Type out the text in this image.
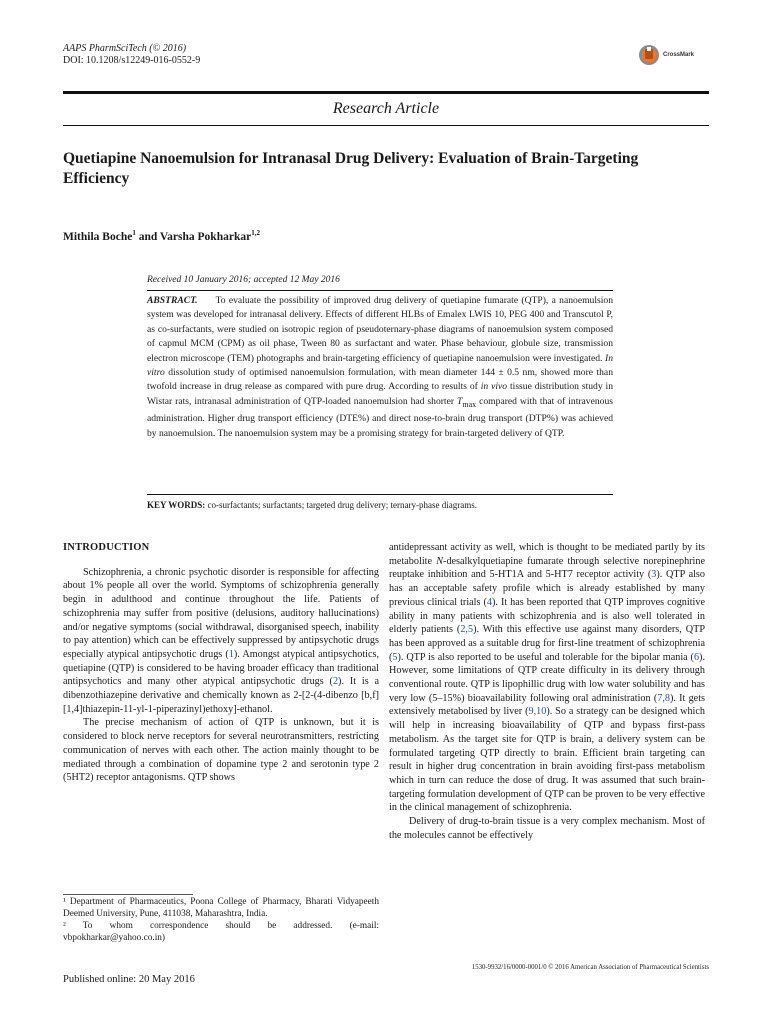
AAPS PharmSciTech (© 2016)
DOI: 10.1208/s12249-016-0552-9	CrossMark
Research Article
Quetiapine Nanoemulsion for Intranasal Drug Delivery: Evaluation of Brain-Targeting Efficiency
Mithila Boche$^1$ and Varsha Pokharkar$^{1,2}$
Received 10 January 2016; accepted 12 May 2016
ABSTRACT. To evaluate the possibility of improved drug delivery of quetiapine fumarate (QTP), a nanoemulsion system was developed for intranasal delivery. Effects of different HLBs of Emalex LWIS 10, PEG 400 and Transcutol P, as co-surfactants, were studied on isotropic region of pseudoternary-phase diagrams of nanoemulsion system composed of capmul MCM (CPM) as oil phase, Tween 80 as surfactant and water. Phase behaviour, globule size, transmission electron microscope (TEM) photographs and brain-targeting efficiency of quetiapine nanoemulsion were investigated. In vitro dissolution study of optimised nanoemulsion formulation, with mean diameter 144 ± 0.5 nm, showed more than twofold increase in drug release as compared with pure drug. According to results of in vivo tissue distribution study in Wistar rats, intranasal administration of QTP-loaded nanoemulsion had shorter $T_{max}$ compared with that of intravenous administration. Higher drug transport efficiency (DTE%) and direct nose-to-brain drug transport (DTP%) was achieved by nanoemulsion. The nanoemulsion system may be a promising strategy for brain-targeted delivery of QTP.
KEY WORDS: co-surfactants; surfactants; targeted drug delivery; ternary-phase diagrams.
INTRODUCTION

Schizophrenia, a chronic psychotic disorder is responsible for affecting about 1% people all over the world. Symptoms of schizophrenia generally begin in adulthood and continue throughout the life. Patients of schizophrenia may suffer from positive (delusions, auditory hallucinations) and/or negative symptoms (social withdrawal, disorganised speech, inability to pay attention) which can be effectively suppressed by antipsychotic drugs especially atypical antipsychotic drugs (1). Amongst atypical antipsychotics, quetiapine (QTP) is considered to be having broader efficacy than traditional antipsychotics and many other atypical antipsychotic drugs (2). It is a dibenzothiazepine derivative and chemically known as 2-[2-(4-dibenzo [b,f] [1,4]thiazepin-11-yl-1-piperazinyl)ethoxy]-ethanol.

The precise mechanism of action of QTP is unknown, but it is considered to block nerve receptors for several neurotransmitters, restricting communication of nerves with each other. The action mainly thought to be mediated through a combination of dopamine type 2 and serotonin type 2 (5HT2) receptor antagonisms. QTP shows

antidepressant activity as well, which is thought to be mediated partly by its metabolite N-desalkylquetiapine fumarate through selective norepinephrine reuptake inhibition and 5-HT1A and 5-HT7 receptor activity (3). QTP also has an acceptable safety profile which is already established by many previous clinical trials (4). It has been reported that QTP improves cognitive ability in many patients with schizophrenia and is also well tolerated in elderly patients (2,5). With this effective use against many disorders, QTP has been approved as a suitable drug for first-line treatment of schizophrenia (5). QTP is also reported to be useful and tolerable for the bipolar mania (6). However, some limitations of QTP create difficulty in its delivery through conventional route. QTP is lipophillic drug with low water solubility and has very low (5–15%) bioavailability following oral administration (7,8). It gets extensively metabolised by liver (9,10). So a strategy can be designed which will help in increasing bioavailability of QTP and bypass first-pass metabolism. As the target site for QTP is brain, a delivery system can be formulated targeting QTP directly to brain. Efficient brain targeting can result in higher drug concentration in brain avoiding first-pass metabolism which in turn can reduce the dose of drug. It was assumed that such brain-targeting formulation development of QTP can be proven to be very effective in the clinical management of schizophrenia.

Delivery of drug-to-brain tissue is a very complex mechanism. Most of the molecules cannot be effectively

¹ Department of Pharmaceutics, Poona College of Pharmacy, Bharati Vidyapeeth Deemed University, Pune, 411038, Maharashtra, India.

² To whom correspondence should be addressed. (e-mail: vbpokharkar@yahoo.co.in)

Published online: 20 May 2016
1530-9932/16/0000-0001/0 © 2016 American Association of Pharmaceutical Scientists
